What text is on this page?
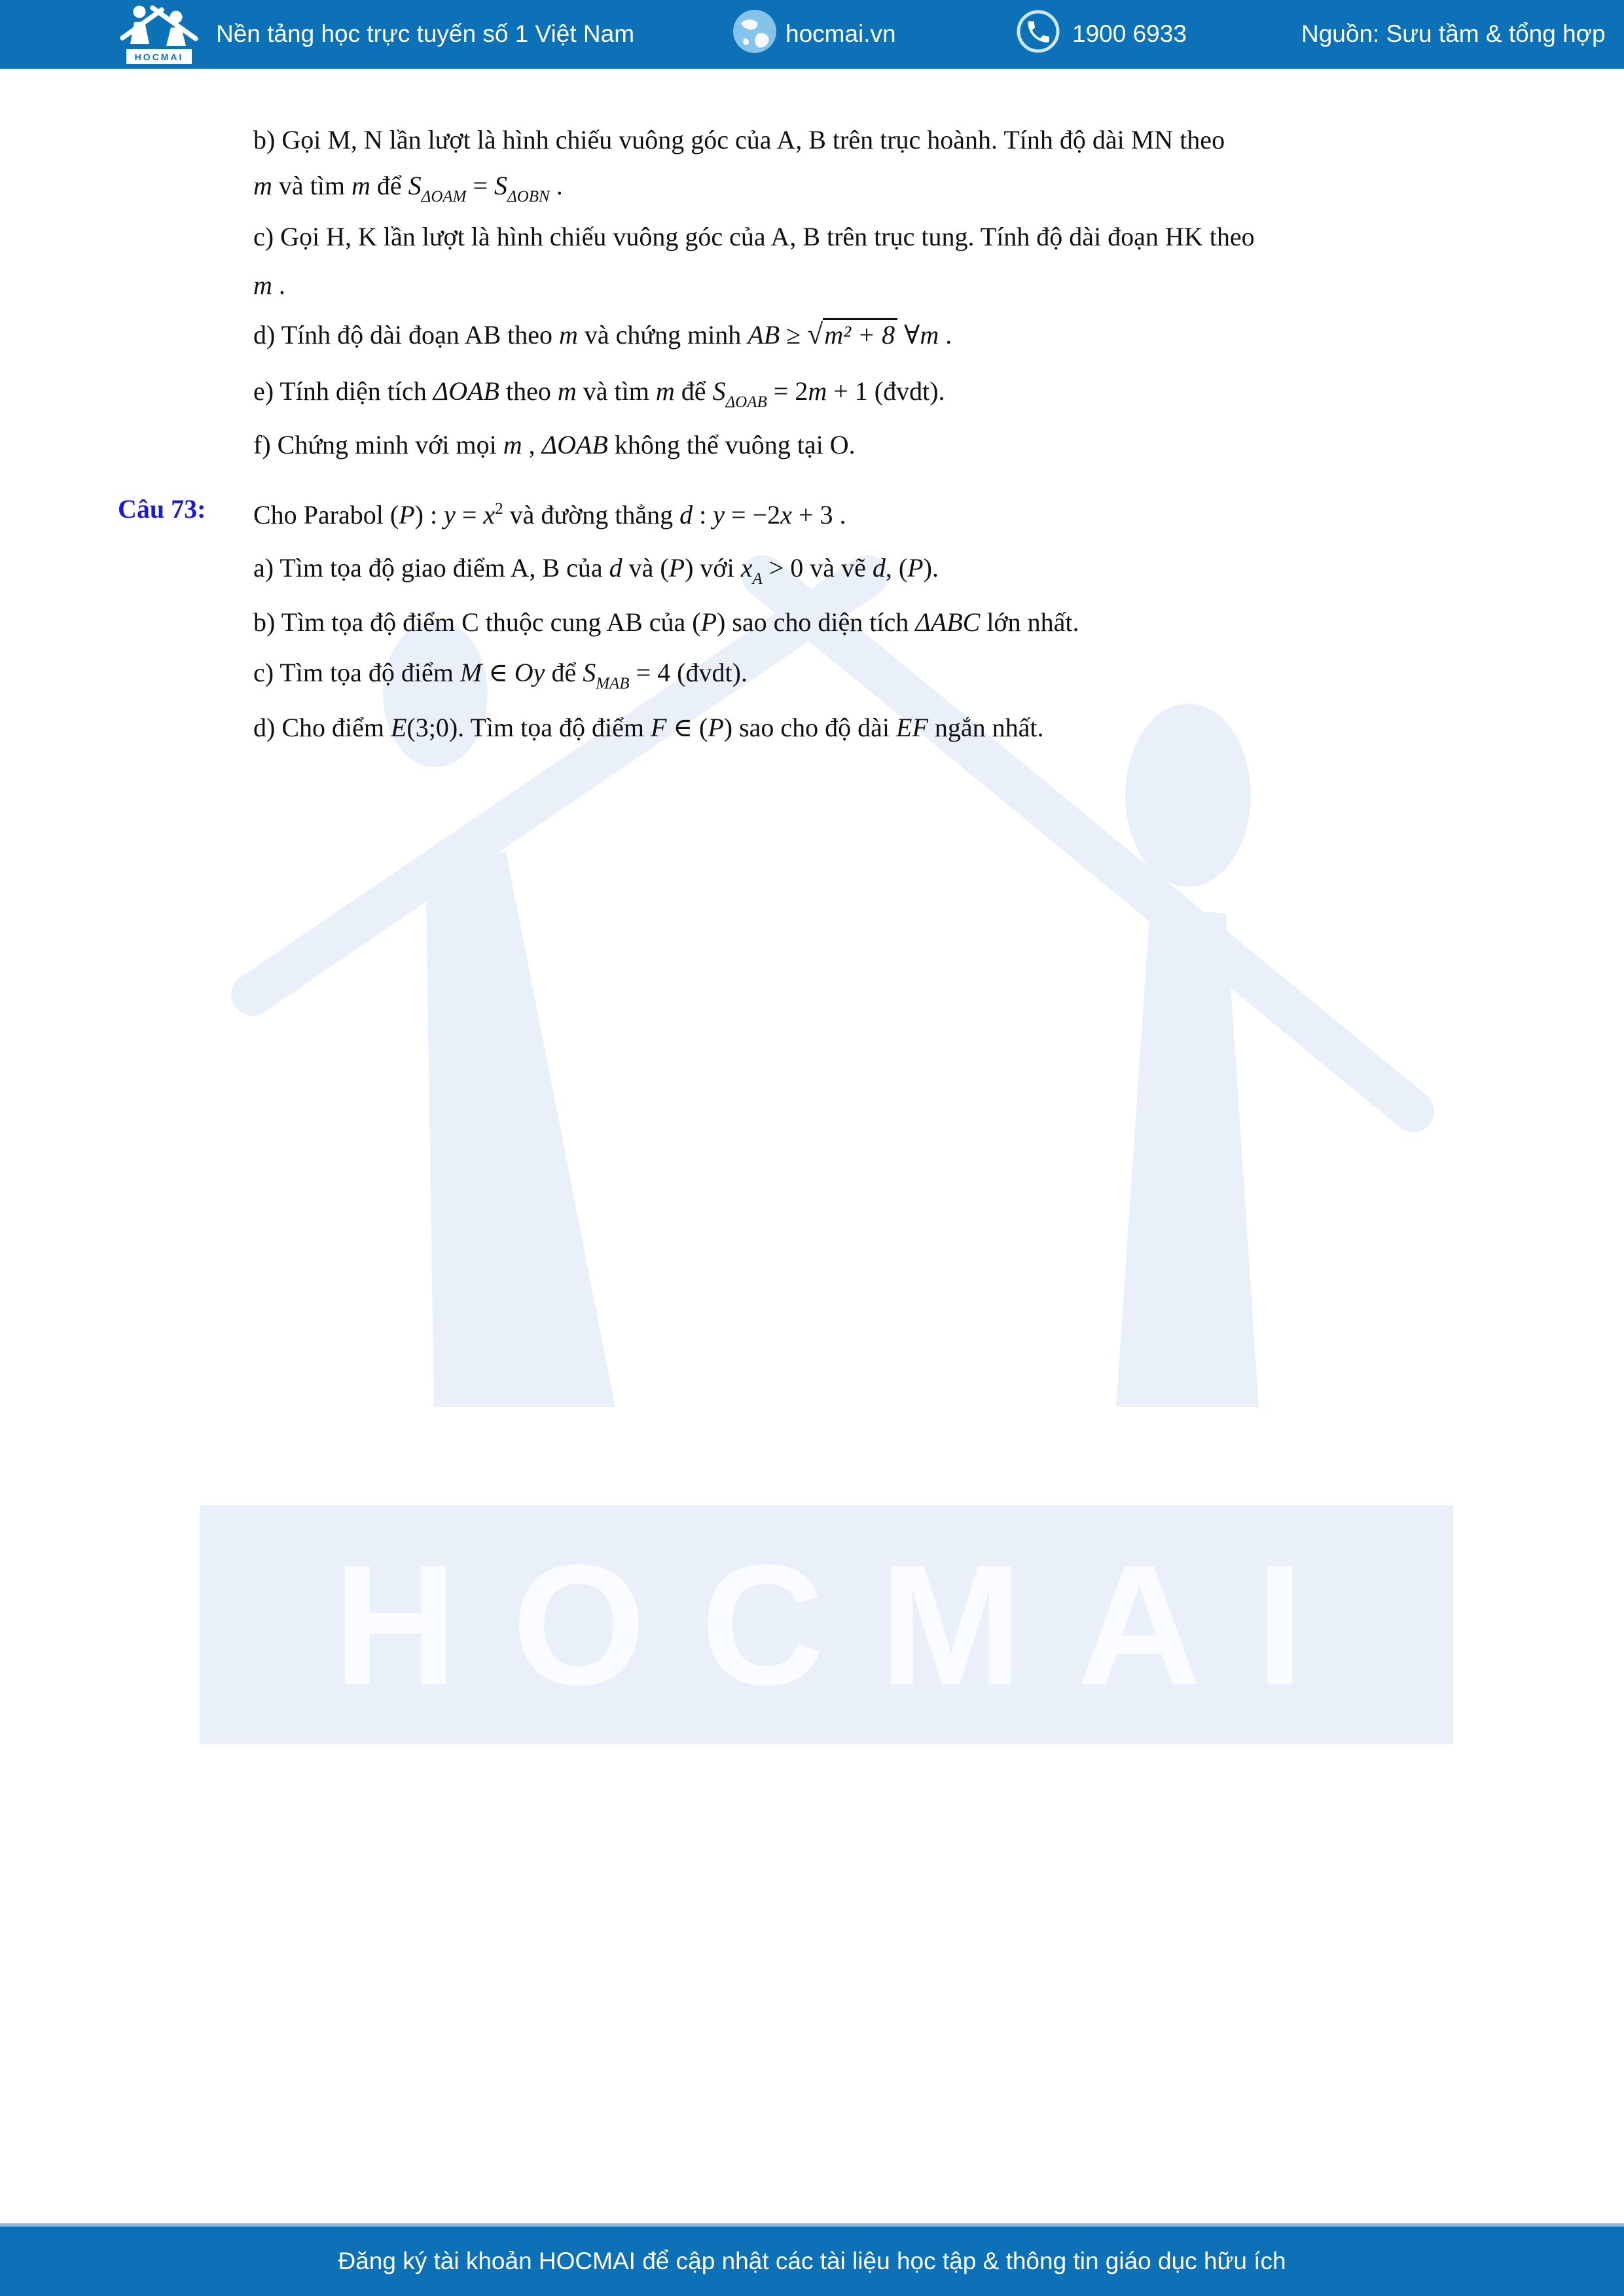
HOCMAI
Nền tảng học trực tuyến số 1 Việt Nam	hocmai.vn	1900 6933	Nguồn: Sưu tầm & tổng hợp
HOCMAI
b) Gọi M, N lần lượt là hình chiếu vuông góc của A, B trên trục hoành. Tính độ dài MN theo
m và tìm m để $S_{\Delta OAM} = S_{\Delta OBN}$ .
c) Gọi H, K lần lượt là hình chiếu vuông góc của A, B trên trục tung. Tính độ dài đoạn HK theo
m .
d) Tính độ dài đoạn AB theo m và chứng minh AB ≥ √m² + 8 ∀m .
e) Tính diện tích ΔOAB theo m và tìm m để $S_{\Delta OAB} = 2m + 1$ (đvdt).
f) Chứng minh với mọi m , ΔOAB không thể vuông tại O.
Câu 73: Cho Parabol (P) : $y = x^2$ và đường thẳng d : y = −2x + 3 .
a) Tìm tọa độ giao điểm A, B của d và (P) với $x_A > 0$ và vẽ d, (P).
b) Tìm tọa độ điểm C thuộc cung AB của (P) sao cho diện tích ΔABC lớn nhất.
c) Tìm tọa độ điểm M ∈ Oy để $S_{MAB} = 4$ (đvdt).
d) Cho điểm E(3;0). Tìm tọa độ điểm F ∈ (P) sao cho độ dài EF ngắn nhất.
Đăng ký tài khoản HOCMAI để cập nhật các tài liệu học tập & thông tin giáo dục hữu ích
